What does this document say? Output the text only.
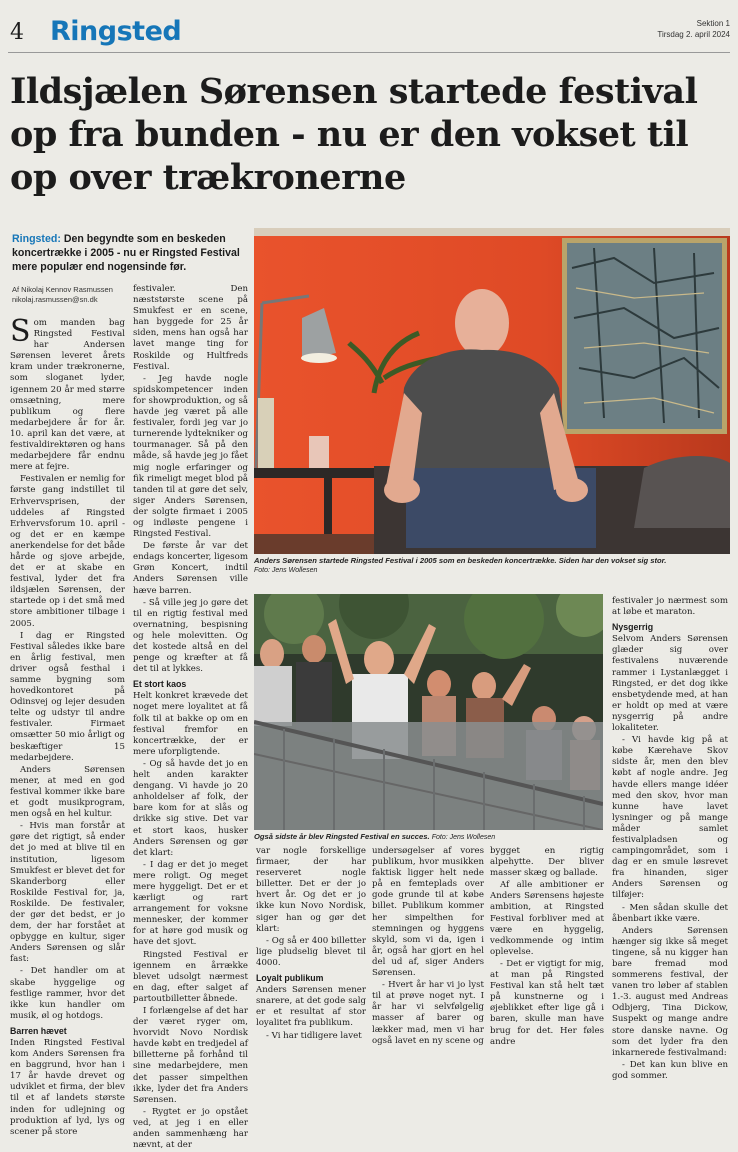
4 Ringsted	Sektion 1
Tirsdag 2. april 2024
Ildsjælen Sørensen startede festival op fra bunden - nu er den vokset til op over trækronerne
Ringsted: Den begyndte som en beskeden koncertrække i 2005 - nu er Ringsted Festival mere populær end nogensinde før.
Af Nikolaj Kennov Rasmussen
nikolaj.rasmussen@sn.dk
Anders Sørensen startede Ringsted Festival i 2005 som en beskeden koncertrække. Siden har den vokset sig stor.
Foto: Jens Wollesen
Også sidste år blev Ringsted Festival en succes. Foto: Jens Wollesen

Som manden bag Ringsted Festival har Andersen Sørensen leveret årets kram under trækronerne, som sloganet lyder, igennem 20 år med større omsætning, mere publikum og flere medarbejdere år for år. 10. april kan det være, at festivaldirektøren og hans medarbejdere får endnu mere at fejre.

Festivalen er nemlig for første gang indstillet til Erhvervsprisen, der uddeles af Ringsted Erhvervsforum 10. april - og det er en kæmpe anerkendelse for det både hårde og sjove arbejde, det er at skabe en festival, lyder det fra ildsjælen Sørensen, der startede op i det små med store ambitioner tilbage i 2005.

I dag er Ringsted Festival således ikke bare en årlig festival, men driver også festhal i samme bygning som hovedkontoret på Odinsvej og lejer desuden telte og udstyr til andre festivaler. Firmaet omsætter 50 mio årligt og beskæftiger 15 medarbejdere.

Anders Sørensen mener, at med en god festival kommer ikke bare et godt musikprogram, men også en hel kultur.

- Hvis man forstår at gøre det rigtigt, så ender det jo med at blive til en institution, ligesom Smukfest er blevet det for Skanderborg eller Roskilde Festival for, ja, Roskilde. De festivaler, der gør det bedst, er jo dem, der har forstået at opbygge en kultur, siger Anders Sørensen og slår fast:

- Det handler om at skabe hyggelige og festlige rammer, hvor det ikke kun handler om musik, øl og hotdogs.

Barren hævet

Inden Ringsted Festival kom Anders Sørensen fra en baggrund, hvor han i 17 år havde drevet og udviklet et firma, der blev til et af landets største inden for udlejning og produktion af lyd, lys og scener på store

festivaler. Den næststørste scene på Smukfest er en scene, han byggede for 25 år siden, mens han også har lavet mange ting for Roskilde og Hultfreds Festival.

- Jeg havde nogle spidskompetencer inden for showproduktion, og så havde jeg været på alle festivaler, fordi jeg var jo turnerende lydtekniker og tourmanager. Så på den måde, så havde jeg jo fået mig nogle erfaringer og fik rimeligt meget blod på tanden til at gøre det selv, siger Anders Sørensen, der solgte firmaet i 2005 og indløste pengene i Ringsted Festival.

De første år var det endags koncerter, ligesom Grøn Koncert, indtil Anders Sørensen ville hæve barren.

- Så ville jeg jo gøre det til en rigtig festival med overnatning, bespisning og hele molevitten. Og det kostede altså en del penge og kræfter at få det til at lykkes.

Et stort kaos

Helt konkret krævede det noget mere loyalitet at få folk til at bakke op om en festival fremfor en koncertrække, der er mere uforpligtende.

- Og så havde det jo en helt anden karakter dengang. Vi havde jo 20 anholdelser af folk, der bare kom for at slås og drikke sig stive. Det var et stort kaos, husker Anders Sørensen og gør det klart:

- I dag er det jo meget mere roligt. Og meget mere hyggeligt. Det er et kærligt og rart arrangement for voksne mennesker, der kommer for at høre god musik og have det sjovt.

Ringsted Festival er igennem en årrække blevet udsolgt nærmest en dag, efter salget af partoutbilletter åbnede.

I forlængelse af det har der været ryger om, hvorvidt Novo Nordisk havde købt en tredjedel af billetterne på forhånd til sine medarbejdere, men det passer simpelthen ikke, lyder det fra Anders Sørensen.

- Rygtet er jo opstået ved, at jeg i en eller anden sammenhæng har nævnt, at der

var nogle forskellige firmaer, der har reserveret nogle billetter. Det er der jo hvert år. Og det er jo ikke kun Novo Nordisk, siger han og gør det klart:

- Og så er 400 billetter lige pludselig blevet til 4000.

Loyalt publikum

Anders Sørensen mener snarere, at det gode salg er et resultat af stor loyalitet fra publikum.

- Vi har tidligere lavet

undersøgelser af vores publikum, hvor musikken faktisk ligger helt nede på en femteplads over gode grunde til at købe billet. Publikum kommer her simpelthen for stemningen og hyggens skyld, som vi da, igen i år, også har gjort en hel del ud af, siger Anders Sørensen.

- Hvert år har vi jo lyst til at prøve noget nyt. I år har vi selvfølgelig masser af barer og lækker mad, men vi har også lavet en ny scene og

bygget en rigtig alpehytte. Der bliver masser skæg og ballade.

Af alle ambitioner er Anders Sørensens højeste ambition, at Ringsted Festival forbliver med at være en hyggelig, vedkommende og intim oplevelse.

- Det er vigtigt for mig, at man på Ringsted Festival kan stå helt tæt på kunstnerne og i øjeblikket efter lige gå i baren, skulle man have brug for det. Her føles andre

festivaler jo nærmest som at løbe et maraton.

Nysgerrig

Selvom Anders Sørensen glæder sig over festivalens nuværende rammer i Lystanlægget i Ringsted, er det dog ikke ensbetydende med, at han er holdt op med at være nysgerrig på andre lokaliteter.

- Vi havde kig på at købe Kærehave Skov sidste år, men den blev købt af nogle andre. Jeg havde ellers mange idéer med den skov, hvor man kunne have lavet lysninger og på mange måder samlet festivalpladsen og campingområdet, som i dag er en smule løsrevet fra hinanden, siger Anders Sørensen og tilføjer:

- Men sådan skulle det åbenbart ikke være.

Anders Sørensen hænger sig ikke så meget tingene, så nu kigger han bare fremad mod sommerens festival, der vanen tro løber af stablen 1.-3. august med Andreas Odbjerg, Tina Dickow, Suspekt og mange andre store danske navne. Og som det lyder fra den inkarnerede festivalmand:

- Det kan kun blive en god sommer.
